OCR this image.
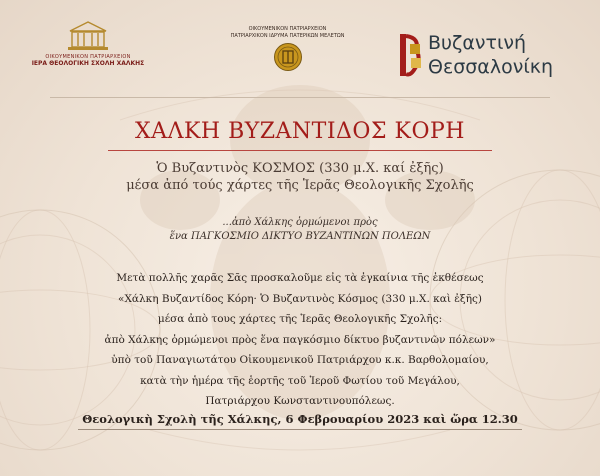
ΟΙΚΟΥΜΕΝΙΚΟΝ ΠΑΤΡΙΑΡΧΕΙΟΝ
ΙΕΡΑ ΘΕΟΛΟΓΙΚΗ ΣΧΟΛΗ ΧΑΛΚΗΣ
ΟΙΚΟΥΜΕΝΙΚΟΝ ΠΑΤΡΙΑΡΧΕΙΟΝ
ΠΑΤΡΙΑΡΧΙΚΟΝ ΙΔΡΥΜΑ ΠΑΤΕΡΙΚΩΝ ΜΕΛΕΤΩΝ	Βυζαντινή
Θεσσαλονίκη
ΧΑΛΚΗ ΒΥΖΑΝΤΙΔΟΣ ΚΟΡΗ
Ὁ Βυζαντινὸς ΚΟΣΜΟΣ (330 μ.Χ. καί ἐξῆς)
μέσα ἀπό τούς χάρτες τῆς Ἱερᾶς Θεολογικῆς Σχολῆς
...ἀπὸ Χάλκης ὁρμώμενοι πρὸς
ἕνα ΠΑΓΚΟΣΜΙΟ ΔΙΚΤΥΟ ΒΥΖΑΝΤΙΝΩΝ ΠΟΛΕΩΝ
Μετὰ πολλῆς χαρᾶς Σᾶς προσκαλοῦμε εἰς τὰ ἐγκαίνια τῆς ἐκθέσεως
«Χάλκη Βυζαντίδος Κόρη· Ὁ Βυζαντινὸς Κόσμος (330 μ.Χ. καὶ ἐξῆς)
μέσα ἀπὸ τους χάρτες τῆς Ἱερᾶς Θεολογικῆς Σχολῆς:
ἀπὸ Χάλκης ὁρμώμενοι πρὸς ἕνα παγκόσμιο δίκτυο βυζαντινῶν πόλεων»
ὑπὸ τοῦ Παναγιωτάτου Οἰκουμενικοῦ Πατριάρχου κ.κ. Βαρθολομαίου,
κατὰ τὴν ἡμέρα τῆς ἑορτῆς τοῦ Ἱεροῦ Φωτίου τοῦ Μεγάλου,
Πατριάρχου Κωνσταντινουπόλεως.
Θεολογικὴ Σχολὴ τῆς Χάλκης, 6 Φεβρουαρίου 2023 καὶ ὥρα 12.30
